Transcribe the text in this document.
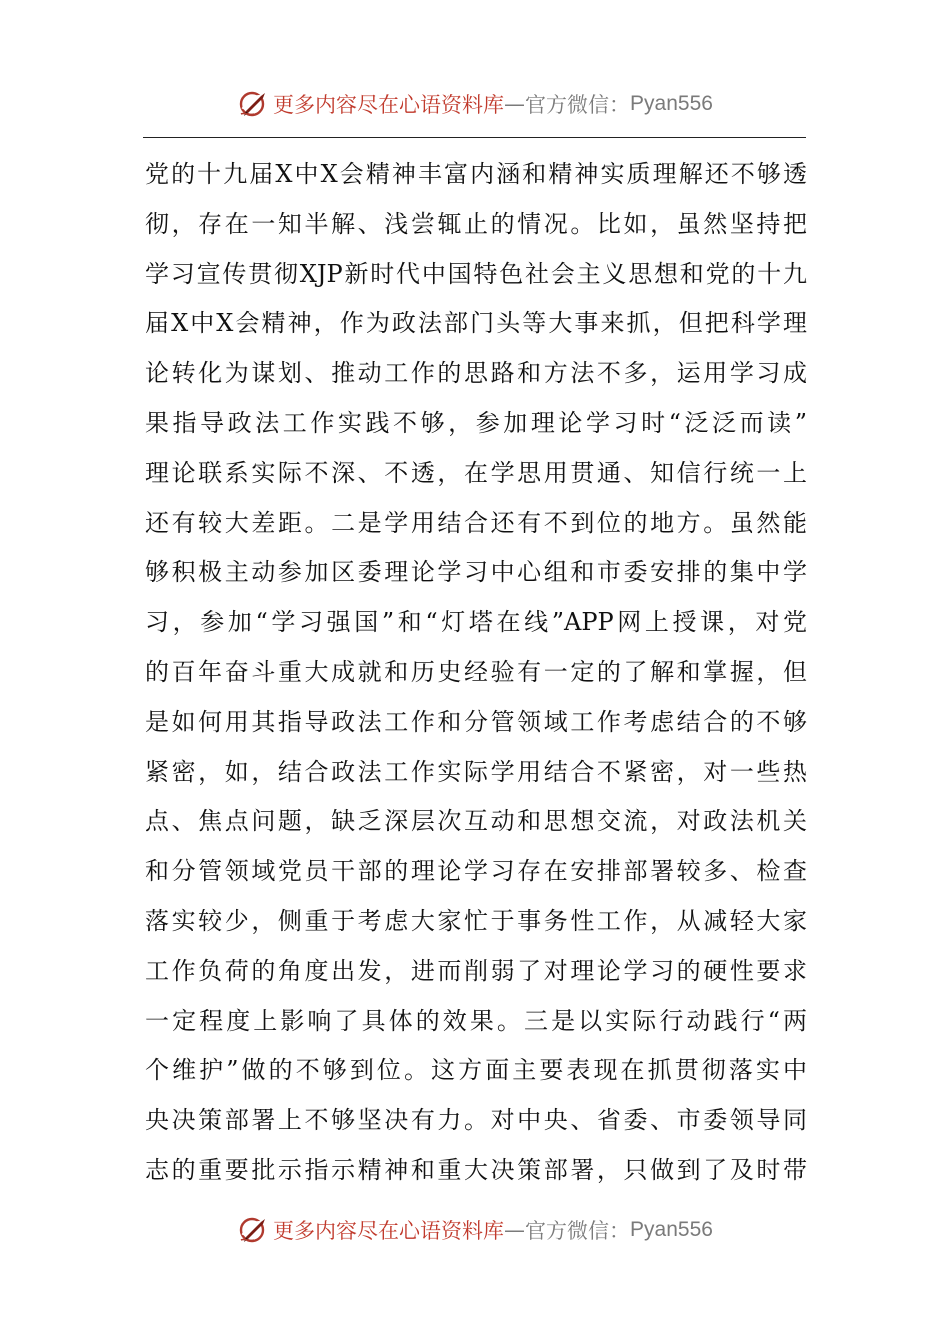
更多内容尽在心语资料库 — 官方微信： Pyan556
党的十九届X中X会精神丰富内涵和精神实质理解还不够透
彻，存在一知半解、浅尝辄止的情况。比如，虽然坚持把
学习宣传贯彻XJP新时代中国特色社会主义思想和党的十九
届X中X会精神，作为政法部门头等大事来抓，但把科学理
论转化为谋划、推动工作的思路和方法不多，运用学习成
果指导政法工作实践不够，参加理论学习时“泛泛而读”
理论联系实际不深、不透，在学思用贯通、知信行统一上
还有较大差距。二是学用结合还有不到位的地方。虽然能
够积极主动参加区委理论学习中心组和市委安排的集中学
习，参加“学习强国”和“灯塔在线”APP网上授课，对党
的百年奋斗重大成就和历史经验有一定的了解和掌握，但
是如何用其指导政法工作和分管领域工作考虑结合的不够
紧密，如，结合政法工作实际学用结合不紧密，对一些热
点、焦点问题，缺乏深层次互动和思想交流，对政法机关
和分管领域党员干部的理论学习存在安排部署较多、检查
落实较少，侧重于考虑大家忙于事务性工作，从减轻大家
工作负荷的角度出发，进而削弱了对理论学习的硬性要求
一定程度上影响了具体的效果。三是以实际行动践行“两
个维护”做的不够到位。这方面主要表现在抓贯彻落实中
央决策部署上不够坚决有力。对中央、省委、市委领导同
志的重要批示指示精神和重大决策部署，只做到了及时带
更多内容尽在心语资料库 — 官方微信： Pyan556
